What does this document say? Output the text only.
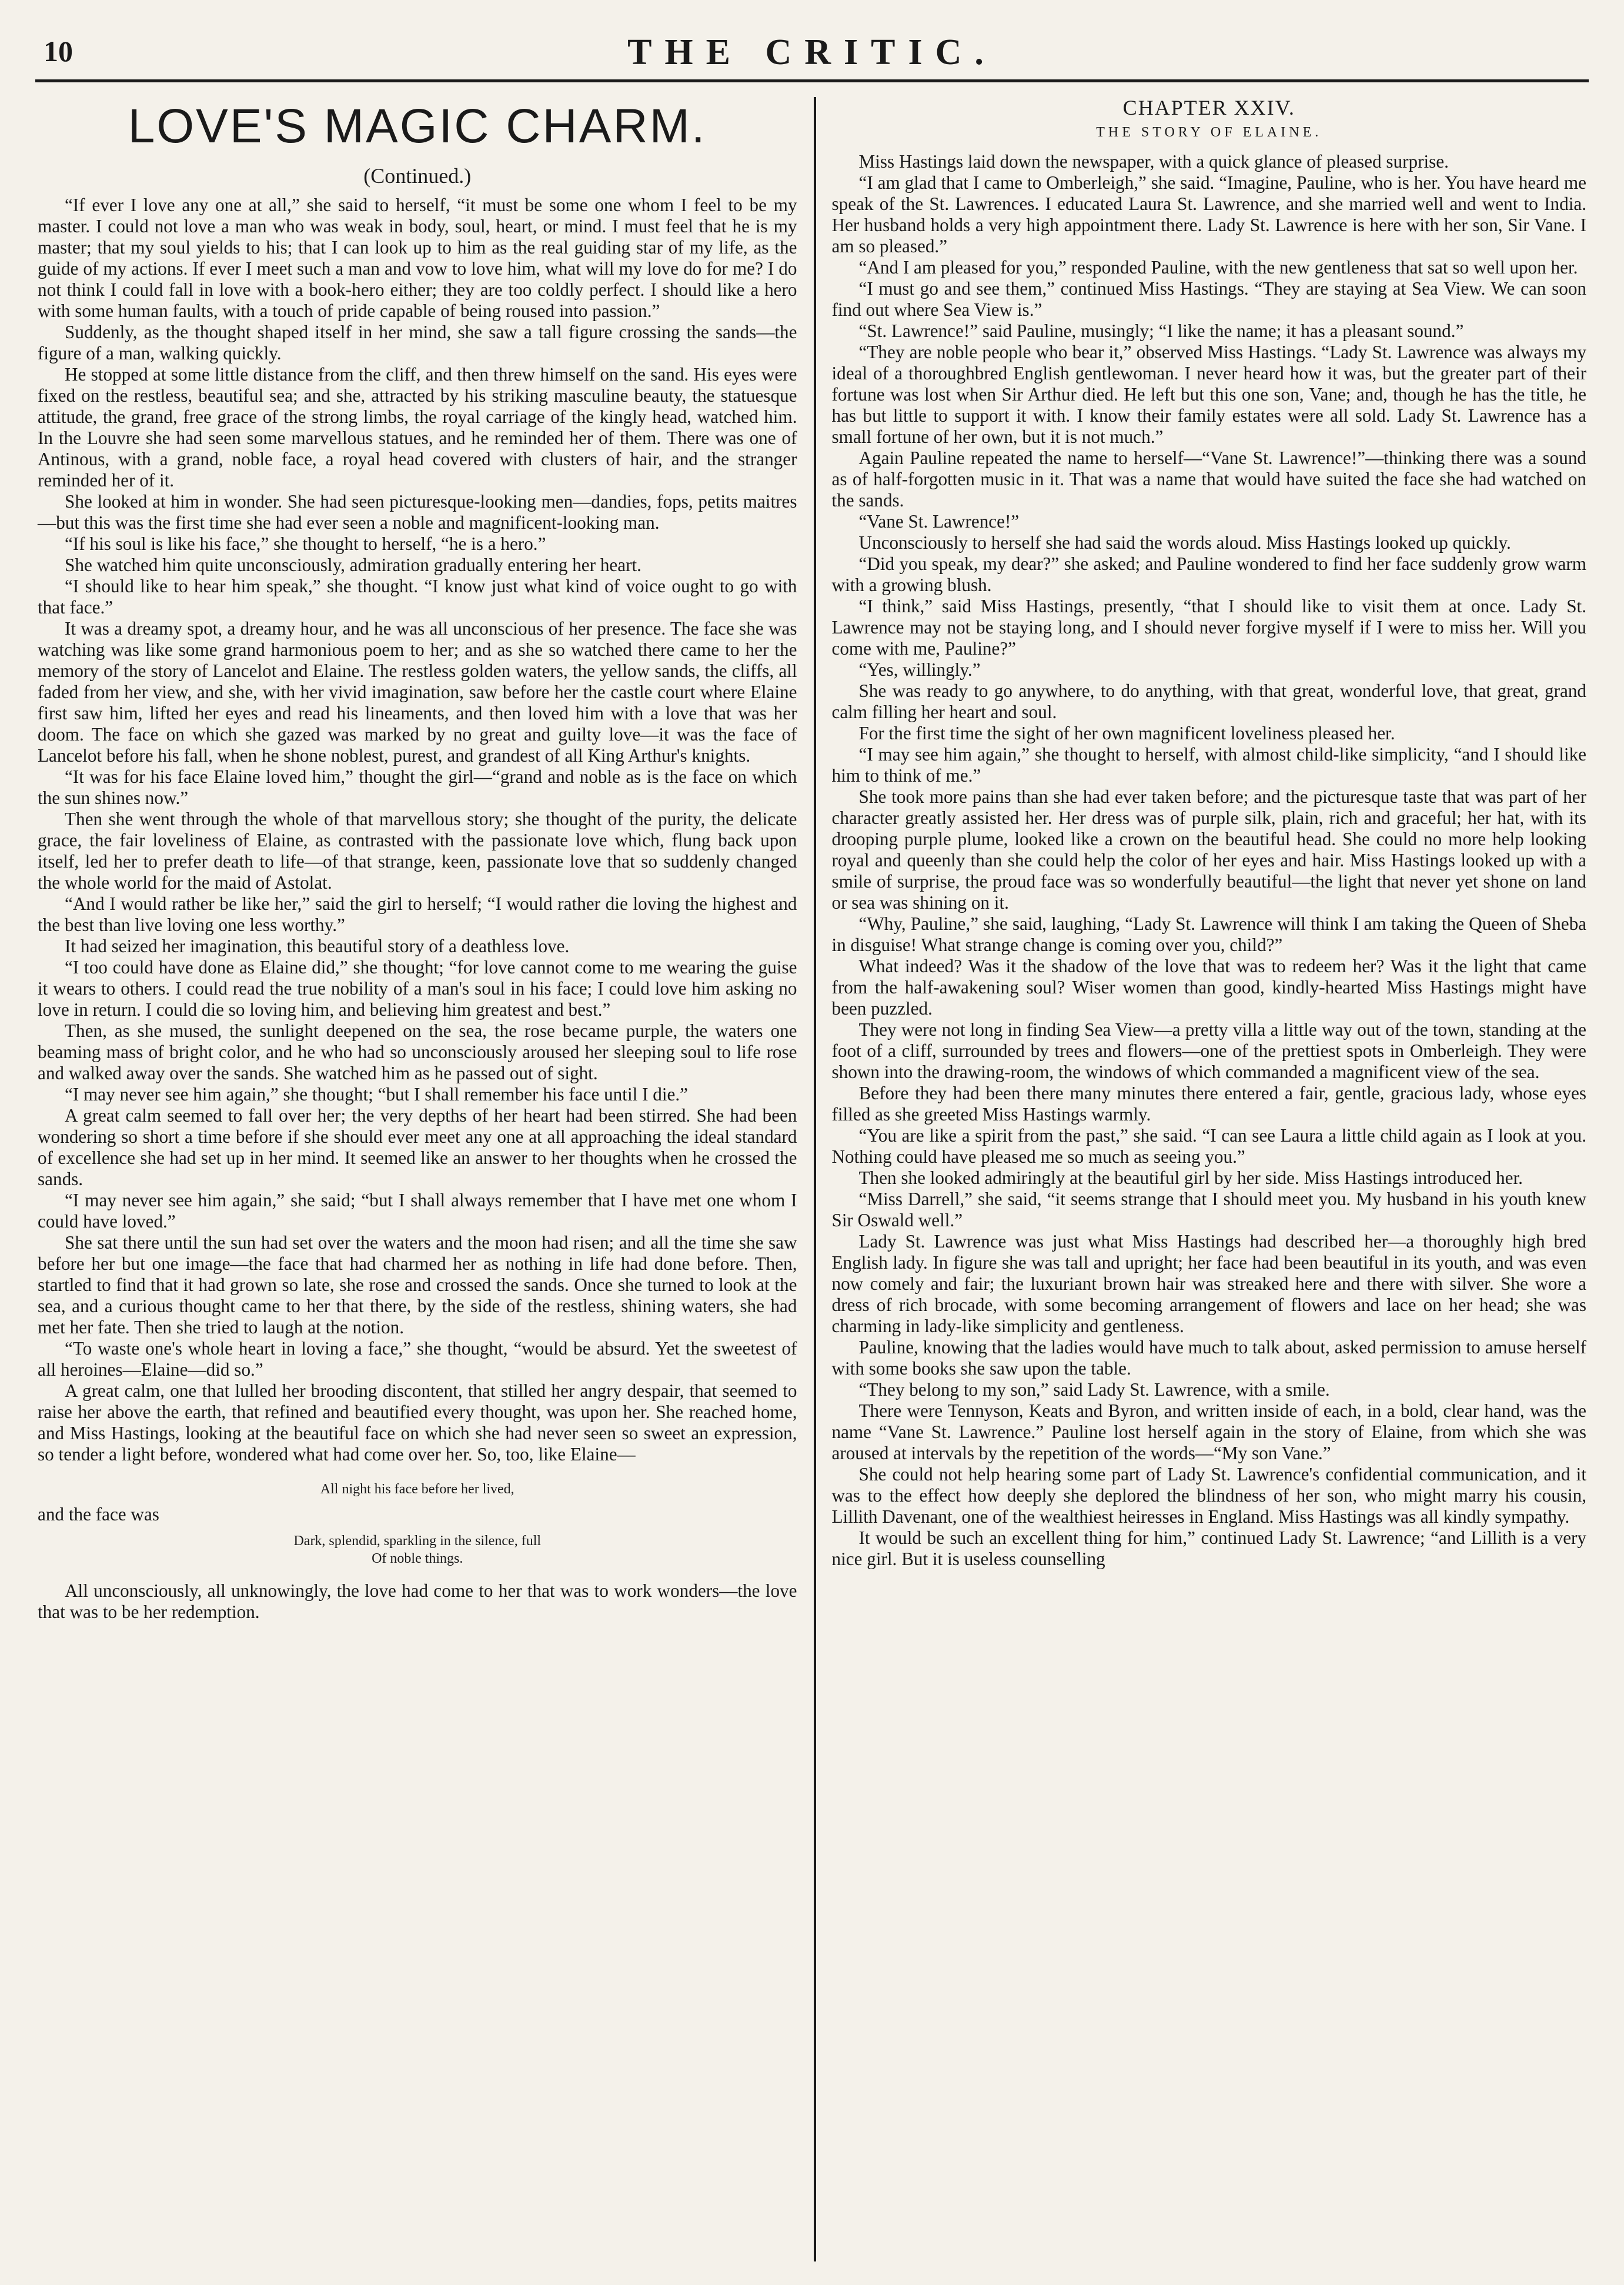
10	THE CRITIC.
LOVE'S MAGIC CHARM.
(Continued.)

“If ever I love any one at all,” she said to herself, “it must be some one whom I feel to be my master. I could not love a man who was weak in body, soul, heart, or mind. I must feel that he is my master; that my soul yields to his; that I can look up to him as the real guiding star of my life, as the guide of my actions. If ever I meet such a man and vow to love him, what will my love do for me? I do not think I could fall in love with a book-hero either; they are too coldly perfect. I should like a hero with some human faults, with a touch of pride capable of being roused into passion.”

Suddenly, as the thought shaped itself in her mind, she saw a tall figure crossing the sands—the figure of a man, walking quickly.

He stopped at some little distance from the cliff, and then threw himself on the sand. His eyes were fixed on the restless, beautiful sea; and she, attracted by his striking masculine beauty, the statuesque attitude, the grand, free grace of the strong limbs, the royal carriage of the kingly head, watched him. In the Louvre she had seen some marvellous statues, and he reminded her of them. There was one of Antinous, with a grand, noble face, a royal head covered with clusters of hair, and the stranger reminded her of it.

She looked at him in wonder. She had seen picturesque-looking men—dandies, fops, petits maitres—but this was the first time she had ever seen a noble and magnificent-looking man.

“If his soul is like his face,” she thought to herself, “he is a hero.”

She watched him quite unconsciously, admiration gradually entering her heart.

“I should like to hear him speak,” she thought. “I know just what kind of voice ought to go with that face.”

It was a dreamy spot, a dreamy hour, and he was all unconscious of her presence. The face she was watching was like some grand harmonious poem to her; and as she so watched there came to her the memory of the story of Lancelot and Elaine. The restless golden waters, the yellow sands, the cliffs, all faded from her view, and she, with her vivid imagination, saw before her the castle court where Elaine first saw him, lifted her eyes and read his lineaments, and then loved him with a love that was her doom. The face on which she gazed was marked by no great and guilty love—it was the face of Lancelot before his fall, when he shone noblest, purest, and grandest of all King Arthur's knights.

“It was for his face Elaine loved him,” thought the girl—“grand and noble as is the face on which the sun shines now.”

Then she went through the whole of that marvellous story; she thought of the purity, the delicate grace, the fair loveliness of Elaine, as contrasted with the passionate love which, flung back upon itself, led her to prefer death to life—of that strange, keen, passionate love that so suddenly changed the whole world for the maid of Astolat.

“And I would rather be like her,” said the girl to herself; “I would rather die loving the highest and the best than live loving one less worthy.”

It had seized her imagination, this beautiful story of a deathless love.

“I too could have done as Elaine did,” she thought; “for love cannot come to me wearing the guise it wears to others. I could read the true nobility of a man's soul in his face; I could love him asking no love in return. I could die so loving him, and believing him greatest and best.”

Then, as she mused, the sunlight deepened on the sea, the rose became purple, the waters one beaming mass of bright color, and he who had so unconsciously aroused her sleeping soul to life rose and walked away over the sands. She watched him as he passed out of sight.

“I may never see him again,” she thought; “but I shall remember his face until I die.”

A great calm seemed to fall over her; the very depths of her heart had been stirred. She had been wondering so short a time before if she should ever meet any one at all approaching the ideal standard of excellence she had set up in her mind. It seemed like an answer to her thoughts when he crossed the sands.

“I may never see him again,” she said; “but I shall always remember that I have met one whom I could have loved.”

She sat there until the sun had set over the waters and the moon had risen; and all the time she saw before her but one image—the face that had charmed her as nothing in life had done before. Then, startled to find that it had grown so late, she rose and crossed the sands. Once she turned to look at the sea, and a curious thought came to her that there, by the side of the restless, shining waters, she had met her fate. Then she tried to laugh at the notion.

“To waste one's whole heart in loving a face,” she thought, “would be absurd. Yet the sweetest of all heroines—Elaine—did so.”

A great calm, one that lulled her brooding discontent, that stilled her angry despair, that seemed to raise her above the earth, that refined and beautified every thought, was upon her. She reached home, and Miss Hastings, looking at the beautiful face on which she had never seen so sweet an expression, so tender a light before, wondered what had come over her. So, too, like Elaine—

All night his face before her lived,

and the face was

Dark, splendid, sparkling in the silence, full
Of noble things.

All unconsciously, all unknowingly, the love had come to her that was to work wonders—the love that was to be her redemption.

CHAPTER XXIV.
THE STORY OF ELAINE.

Miss Hastings laid down the newspaper, with a quick glance of pleased surprise.

“I am glad that I came to Omberleigh,” she said. “Imagine, Pauline, who is her. You have heard me speak of the St. Lawrences. I educated Laura St. Lawrence, and she married well and went to India. Her husband holds a very high appointment there. Lady St. Lawrence is here with her son, Sir Vane. I am so pleased.”

“And I am pleased for you,” responded Pauline, with the new gentleness that sat so well upon her.

“I must go and see them,” continued Miss Hastings. “They are staying at Sea View. We can soon find out where Sea View is.”

“St. Lawrence!” said Pauline, musingly; “I like the name; it has a pleasant sound.”

“They are noble people who bear it,” observed Miss Hastings. “Lady St. Lawrence was always my ideal of a thoroughbred English gentlewoman. I never heard how it was, but the greater part of their fortune was lost when Sir Arthur died. He left but this one son, Vane; and, though he has the title, he has but little to support it with. I know their family estates were all sold. Lady St. Lawrence has a small fortune of her own, but it is not much.”

Again Pauline repeated the name to herself—“Vane St. Lawrence!”—thinking there was a sound as of half-forgotten music in it. That was a name that would have suited the face she had watched on the sands.

“Vane St. Lawrence!”

Unconsciously to herself she had said the words aloud. Miss Hastings looked up quickly.

“Did you speak, my dear?” she asked; and Pauline wondered to find her face suddenly grow warm with a growing blush.

“I think,” said Miss Hastings, presently, “that I should like to visit them at once. Lady St. Lawrence may not be staying long, and I should never forgive myself if I were to miss her. Will you come with me, Pauline?”

“Yes, willingly.”

She was ready to go anywhere, to do anything, with that great, wonderful love, that great, grand calm filling her heart and soul.

For the first time the sight of her own magnificent loveliness pleased her.

“I may see him again,” she thought to herself, with almost child-like simplicity, “and I should like him to think of me.”

She took more pains than she had ever taken before; and the picturesque taste that was part of her character greatly assisted her. Her dress was of purple silk, plain, rich and graceful; her hat, with its drooping purple plume, looked like a crown on the beautiful head. She could no more help looking royal and queenly than she could help the color of her eyes and hair. Miss Hastings looked up with a smile of surprise, the proud face was so wonderfully beautiful—the light that never yet shone on land or sea was shining on it.

“Why, Pauline,” she said, laughing, “Lady St. Lawrence will think I am taking the Queen of Sheba in disguise! What strange change is coming over you, child?”

What indeed? Was it the shadow of the love that was to redeem her? Was it the light that came from the half-awakening soul? Wiser women than good, kindly-hearted Miss Hastings might have been puzzled.

They were not long in finding Sea View—a pretty villa a little way out of the town, standing at the foot of a cliff, surrounded by trees and flowers—one of the prettiest spots in Omberleigh. They were shown into the drawing-room, the windows of which commanded a magnificent view of the sea.

Before they had been there many minutes there entered a fair, gentle, gracious lady, whose eyes filled as she greeted Miss Hastings warmly.

“You are like a spirit from the past,” she said. “I can see Laura a little child again as I look at you. Nothing could have pleased me so much as seeing you.”

Then she looked admiringly at the beautiful girl by her side. Miss Hastings introduced her.

“Miss Darrell,” she said, “it seems strange that I should meet you. My husband in his youth knew Sir Oswald well.”

Lady St. Lawrence was just what Miss Hastings had described her—a thoroughly high bred English lady. In figure she was tall and upright; her face had been beautiful in its youth, and was even now comely and fair; the luxuriant brown hair was streaked here and there with silver. She wore a dress of rich brocade, with some becoming arrangement of flowers and lace on her head; she was charming in lady-like simplicity and gentleness.

Pauline, knowing that the ladies would have much to talk about, asked permission to amuse herself with some books she saw upon the table.

“They belong to my son,” said Lady St. Lawrence, with a smile.

There were Tennyson, Keats and Byron, and written inside of each, in a bold, clear hand, was the name “Vane St. Lawrence.” Pauline lost herself again in the story of Elaine, from which she was aroused at intervals by the repetition of the words—“My son Vane.”

She could not help hearing some part of Lady St. Lawrence's confidential communication, and it was to the effect how deeply she deplored the blindness of her son, who might marry his cousin, Lillith Davenant, one of the wealthiest heiresses in England. Miss Hastings was all kindly sympathy.

It would be such an excellent thing for him,” continued Lady St. Lawrence; “and Lillith is a very nice girl. But it is useless counselling
